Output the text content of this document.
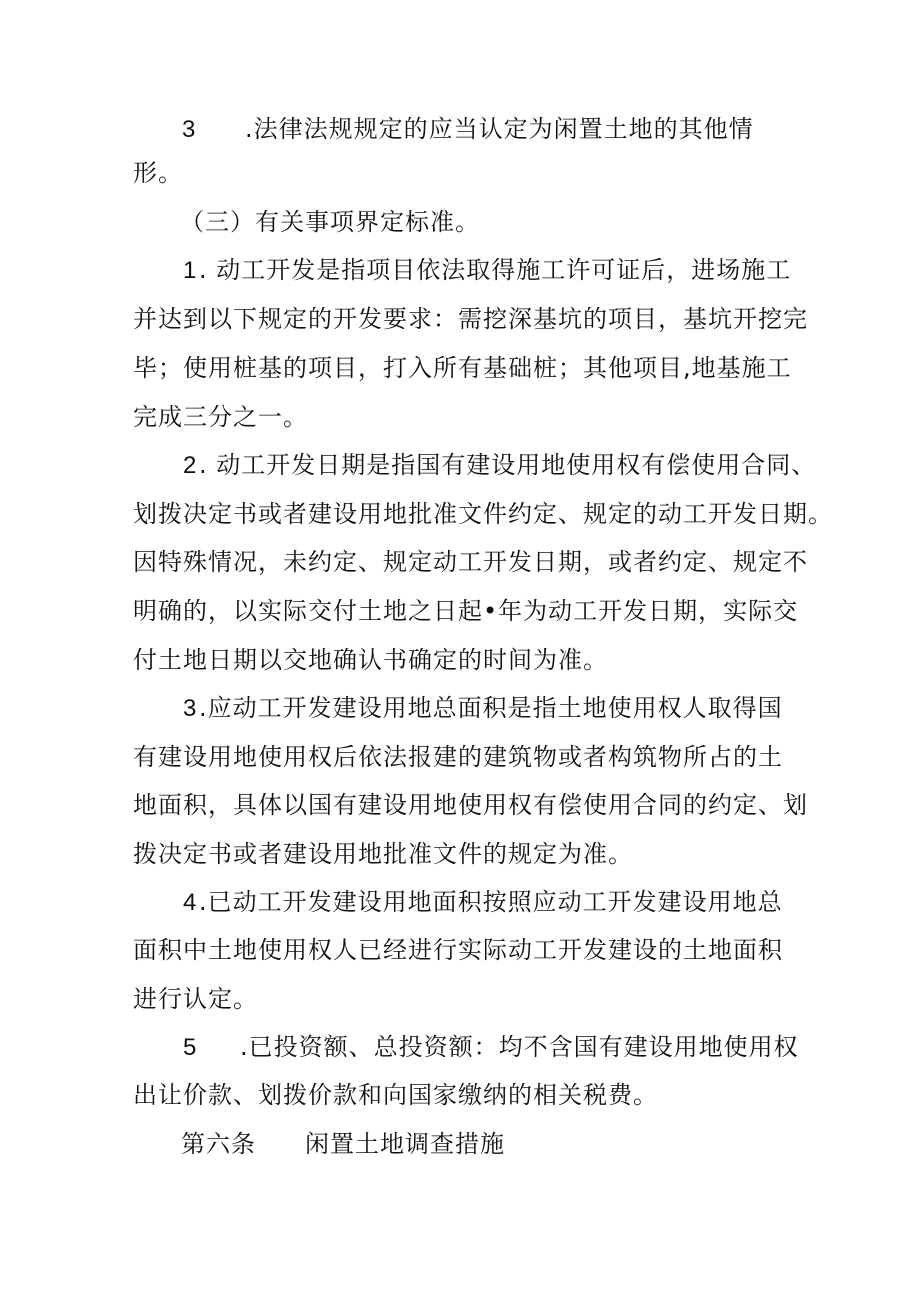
3 .法律法规规定的应当认定为闲置土地的其他情
形。
（三）有关事项界定标准。
1 . 动工开发是指项目依法取得施工许可证后，进场施工
并达到以下规定的开发要求：需挖深基坑的项目，基坑开挖完
毕；使用桩基的项目，打入所有基础桩；其他项目,地基施工
完成三分之一。
2 . 动工开发日期是指国有建设用地使用权有偿使用合同、
划拨决定书或者建设用地批准文件约定、规定的动工开发日期。
因特殊情况，未约定、规定动工开发日期，或者约定、规定不
明确的，以实际交付土地之日起•年为动工开发日期，实际交
付土地日期以交地确认书确定的时间为准。
3 .应动工开发建设用地总面积是指土地使用权人取得国
有建设用地使用权后依法报建的建筑物或者构筑物所占的土
地面积，具体以国有建设用地使用权有偿使用合同的约定、划
拨决定书或者建设用地批准文件的规定为准。
4 .已动工开发建设用地面积按照应动工开发建设用地总
面积中土地使用权人已经进行实际动工开发建设的土地面积
进行认定。
5 .已投资额、总投资额：均不含国有建设用地使用权
出让价款、划拨价款和向国家缴纳的相关税费。
第六条 闲置土地调查措施
